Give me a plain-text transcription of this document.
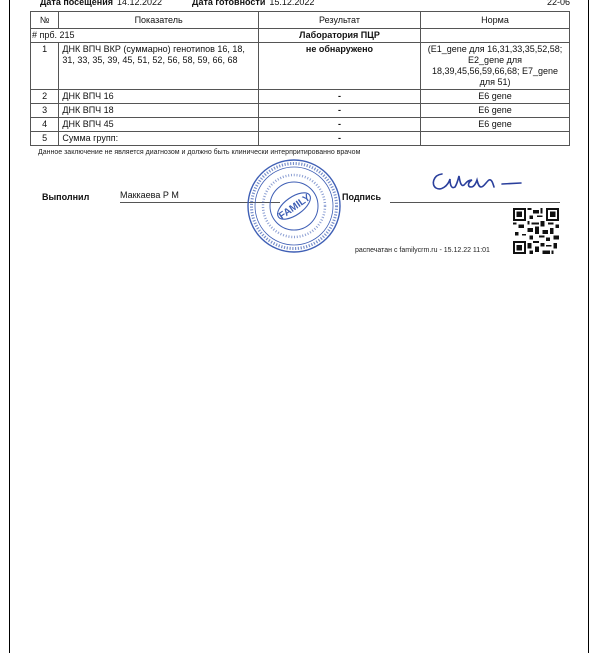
Дата посещения 14.12.2022	Дата готовности 15.12.2022	22-06
№	Показатель	Результат	Норма
# прб. 215		Лаборатория ПЦР	
1	ДНК ВПЧ ВКР (суммарно) генотипов 16, 18, 31, 33, 35, 39, 45, 51, 52, 56, 58, 59, 66, 68	не обнаружено	(E1_gene для 16,31,33,35,52,58; E2_gene для 18,39,45,56,59,66,68; E7_gene для 51)
2	ДНК ВПЧ 16	-	E6 gene
3	ДНК ВПЧ 18	-	E6 gene
4	ДНК ВПЧ 45	-	E6 gene
5	Сумма групп:	-	
Данное заключение не является диагнозом и должно быть клинически интерпритированно врачом
Выполнил	Маккаева Р М	Подпись
FAMILY
распечатан с familycrm.ru - 15.12.22 11:01
